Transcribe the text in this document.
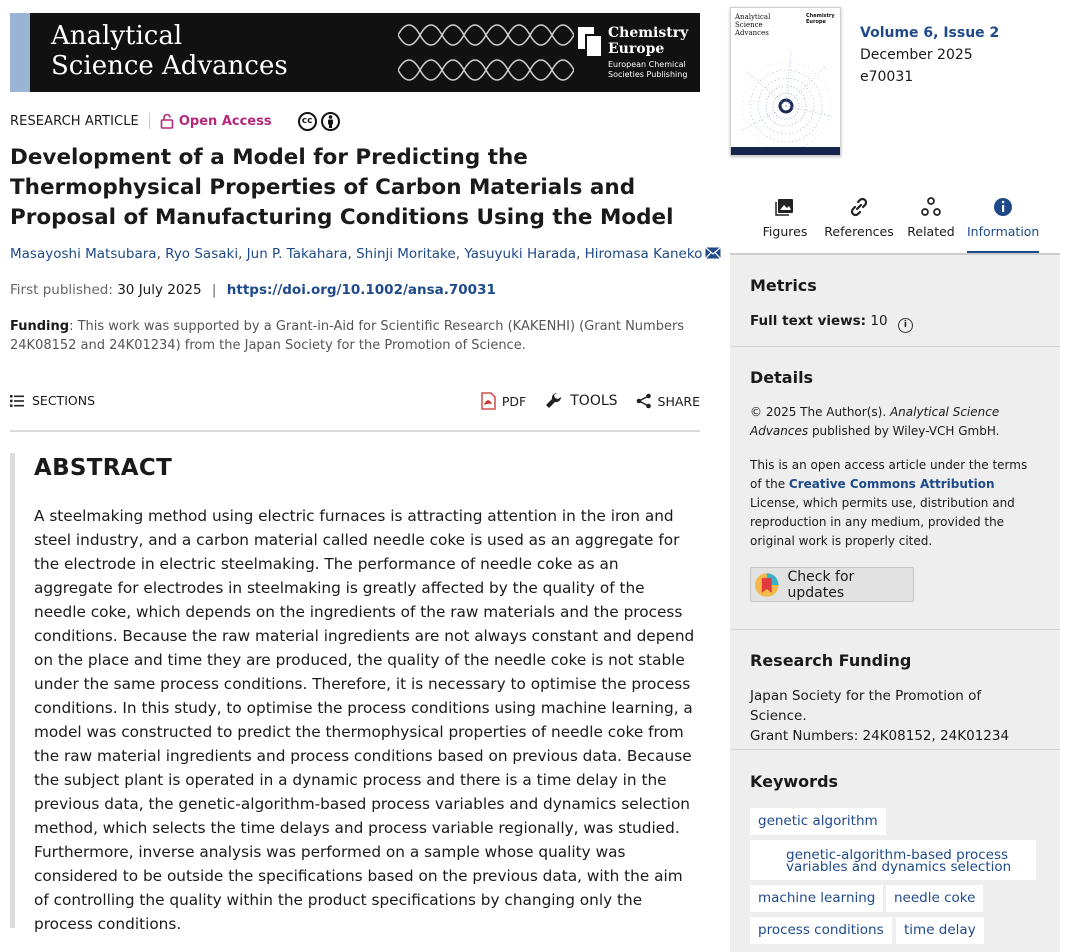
Analytical
Science Advances
Chemistry
Europe
European Chemical
Societies Publishing
RESEARCH ARTICLE	Open Access	cc
Development of a Model for Predicting the Thermophysical Properties of Carbon Materials and Proposal of Manufacturing Conditions Using the Model
Masayoshi Matsubara, Ryo Sasaki, Jun P. Takahara, Shinji Moritake, Yasuyuki Harada, Hiromasa Kaneko
First published: 30 July 2025 | https://doi.org/10.1002/ansa.70031
Funding: This work was supported by a Grant-in-Aid for Scientific Research (KAKENHI) (Grant Numbers 24K08152 and 24K01234) from the Japan Society for the Promotion of Science.
SECTIONS	PDF	TOOLS	SHARE
ABSTRACT

A steelmaking method using electric furnaces is attracting attention in the iron and steel industry, and a carbon material called needle coke is used as an aggregate for the electrode in electric steelmaking. The performance of needle coke as an aggregate for electrodes in steelmaking is greatly affected by the quality of the needle coke, which depends on the ingredients of the raw materials and the process conditions. Because the raw material ingredients are not always constant and depend on the place and time they are produced, the quality of the needle coke is not stable under the same process conditions. Therefore, it is necessary to optimise the process conditions. In this study, to optimise the process conditions using machine learning, a model was constructed to predict the thermophysical properties of needle coke from the raw material ingredients and process conditions based on previous data. Because the subject plant is operated in a dynamic process and there is a time delay in the previous data, the genetic-algorithm-based process variables and dynamics selection method, which selects the time delays and process variable regionally, was studied. Furthermore, inverse analysis was performed on a sample whose quality was considered to be outside the specifications based on the previous data, with the aim of controlling the quality within the product specifications by changing only the process conditions.

Analytical
Science
Advances
Chemistry Europe
Volume 6, Issue 2
December 2025
e70031
Figures	References	Related Information
Metrics
Full text views: 10 i
Details
© 2025 The Author(s). Analytical Science Advances published by Wiley-VCH GmbH.
This is an open access article under the terms of the Creative Commons Attribution License, which permits use, distribution and reproduction in any medium, provided the original work is properly cited.
Check for updates
Research Funding
Japan Society for the Promotion of Science.
Grant Numbers: 24K08152, 24K01234
Keywords
genetic algorithm
genetic-algorithm-based process variables and dynamics selection
machine learning	needle coke
process conditions	time delay
